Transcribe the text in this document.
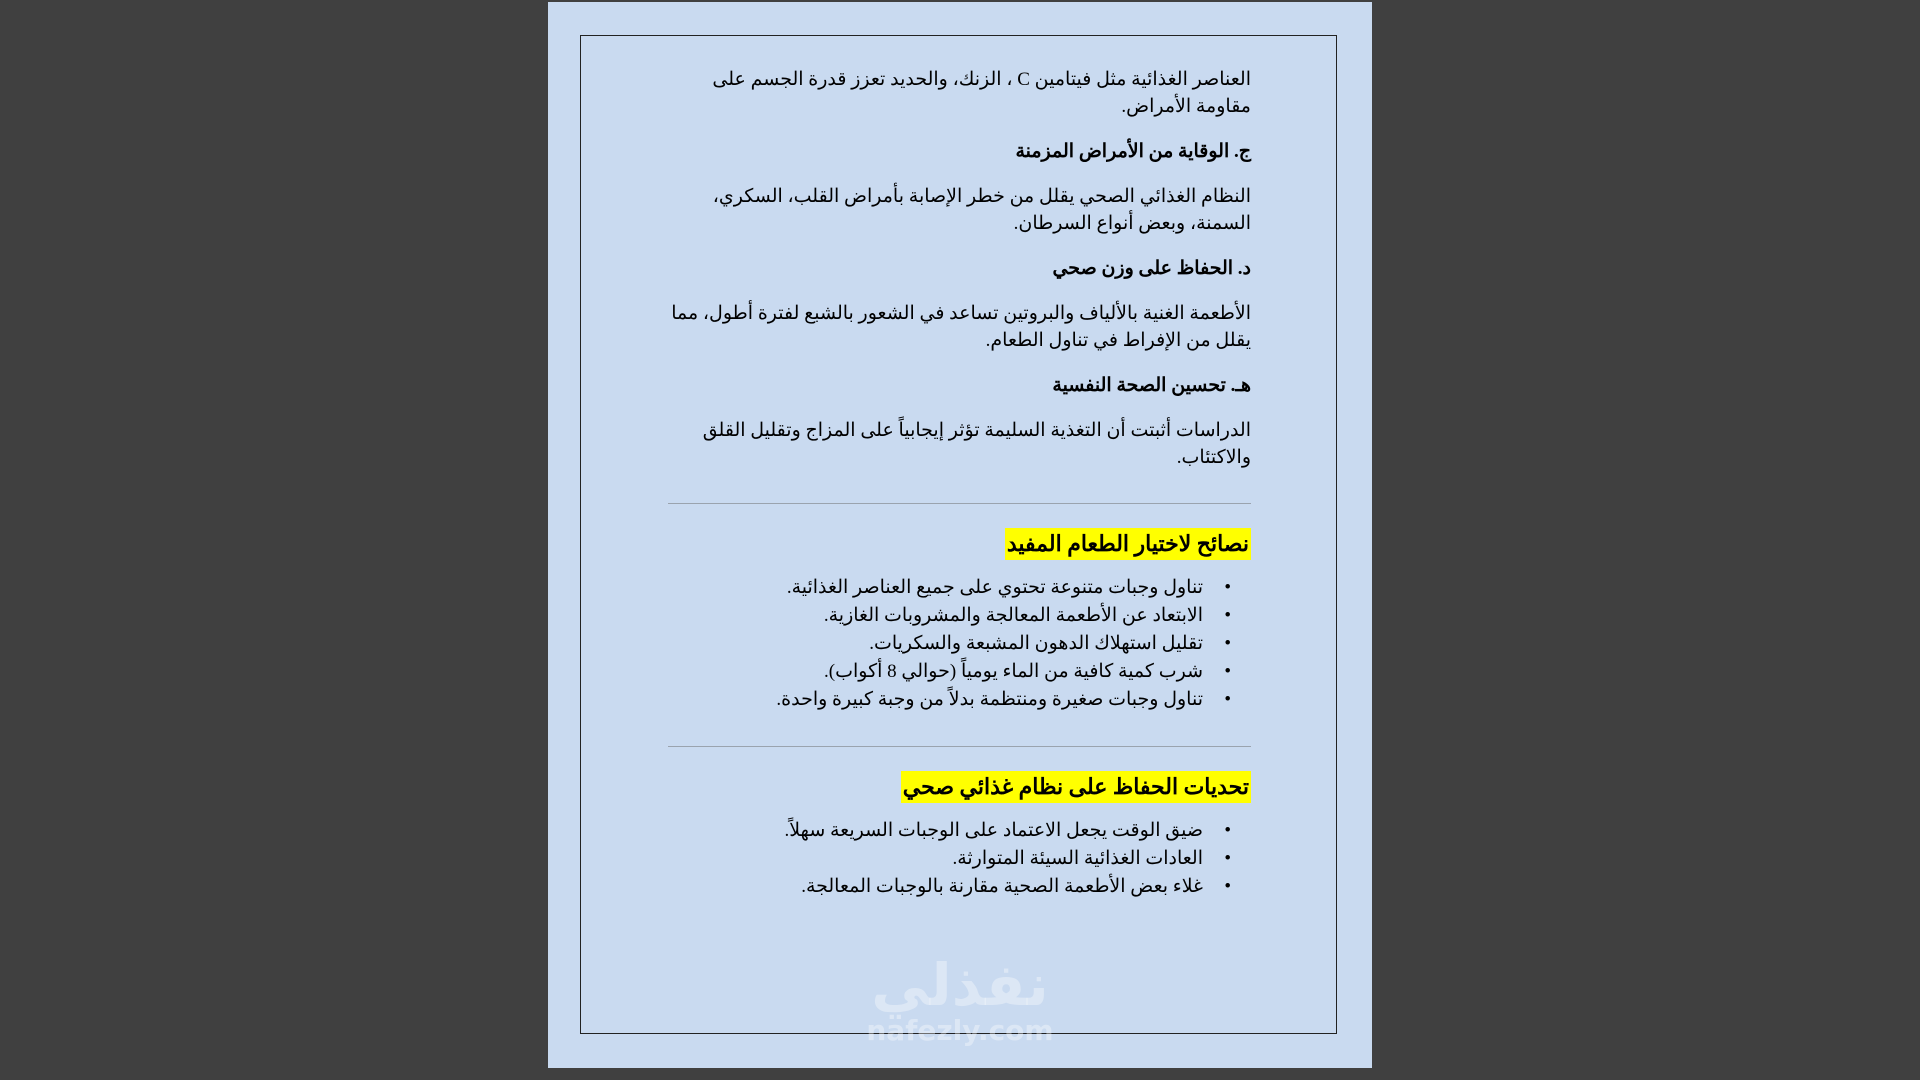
العناصر الغذائية مثل فيتامين C ، الزنك، والحديد تعزز قدرة الجسم على مقاومة الأمراض.

ج. الوقاية من الأمراض المزمنة

النظام الغذائي الصحي يقلل من خطر الإصابة بأمراض القلب، السكري، السمنة، وبعض أنواع السرطان.

د. الحفاظ على وزن صحي

الأطعمة الغنية بالألياف والبروتين تساعد في الشعور بالشبع لفترة أطول، مما يقلل من الإفراط في تناول الطعام.

هـ. تحسين الصحة النفسية

الدراسات أثبتت أن التغذية السليمة تؤثر إيجابياً على المزاج وتقليل القلق والاكتئاب.

نصائح لاختيار الطعام المفيد
•
تناول وجبات متنوعة تحتوي على جميع العناصر الغذائية.
•
الابتعاد عن الأطعمة المعالجة والمشروبات الغازية.
•
تقليل استهلاك الدهون المشبعة والسكريات.
•
شرب كمية كافية من الماء يومياً (حوالي 8 أكواب).
•
تناول وجبات صغيرة ومنتظمة بدلاً من وجبة كبيرة واحدة.
تحديات الحفاظ على نظام غذائي صحي
•
ضيق الوقت يجعل الاعتماد على الوجبات السريعة سهلاً.
•
العادات الغذائية السيئة المتوارثة.
•
غلاء بعض الأطعمة الصحية مقارنة بالوجبات المعالجة.
نفذلي
nafezly.com
